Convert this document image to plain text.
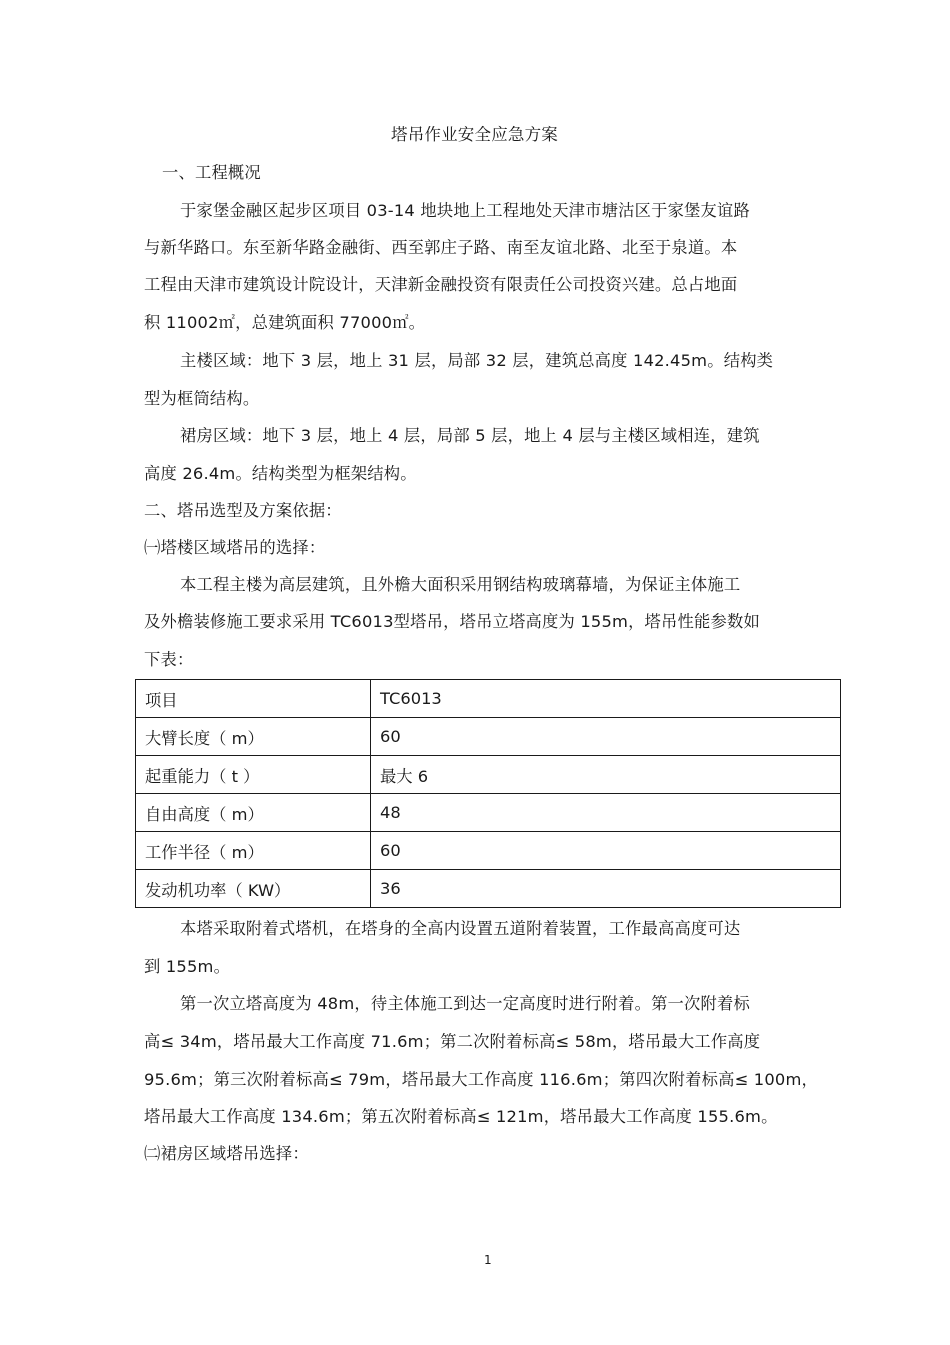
塔吊作业安全应急方案
一、工程概况
于家堡金融区起步区项目 03-14 地块地上工程地处天津市塘沽区于家堡友谊路
与新华路口。东至新华路金融街、西至郭庄子路、南至友谊北路、北至于泉道。本
工程由天津市建筑设计院设计，天津新金融投资有限责任公司投资兴建。总占地面
积 11002㎡，总建筑面积 77000㎡。
主楼区域：地下 3 层，地上 31 层，局部 32 层，建筑总高度 142.45m。结构类
型为框筒结构。
裙房区域：地下 3 层，地上 4 层，局部 5 层，地上 4 层与主楼区域相连，建筑
高度 26.4m。结构类型为框架结构。
二、塔吊选型及方案依据：
㈠塔楼区域塔吊的选择：
本工程主楼为高层建筑，且外檐大面积采用钢结构玻璃幕墙，为保证主体施工
及外檐装修施工要求采用 TC6013型塔吊，塔吊立塔高度为 155m，塔吊性能参数如
下表：
项目	TC6013
大臂长度（ m）	60
起重能力（ t ）	最大 6
自由高度（ m）	48
工作半径（ m）	60
发动机功率（ KW）	36
本塔采取附着式塔机，在塔身的全高内设置五道附着装置，工作最高高度可达
到 155m。
第一次立塔高度为 48m，待主体施工到达一定高度时进行附着。第一次附着标
高≤ 34m，塔吊最大工作高度 71.6m；第二次附着标高≤ 58m，塔吊最大工作高度
95.6m；第三次附着标高≤ 79m，塔吊最大工作高度 116.6m；第四次附着标高≤ 100m，
塔吊最大工作高度 134.6m；第五次附着标高≤ 121m，塔吊最大工作高度 155.6m。
㈡裙房区域塔吊选择：
1
